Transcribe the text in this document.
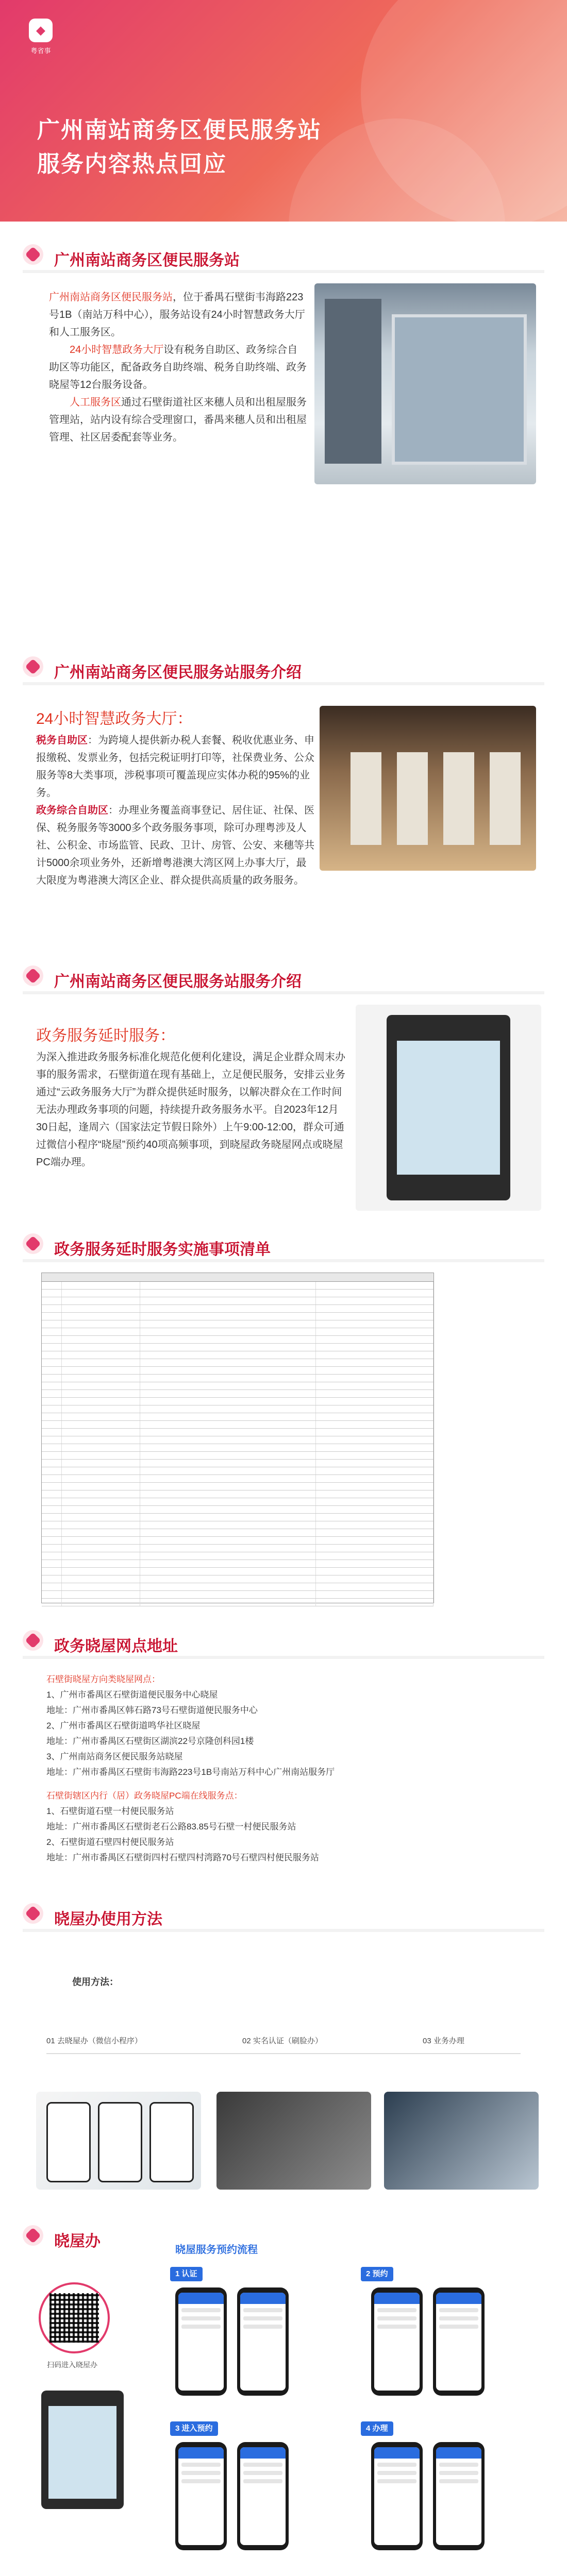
◆
粤省事
广州南站商务区便民服务站
服务内容热点回应
广州南站商务区便民服务站
广州南站商务区便民服务站，位于番禺石壁街韦海路223号1B（南站万科中心），服务站设有24小时智慧政务大厅和人工服务区。
24小时智慧政务大厅设有税务自助区、政务综合自助区等功能区，配备政务自助终端、税务自助终端、政务晓屋等12台服务设备。
人工服务区通过石壁街道社区来穗人员和出租屋服务管理站，站内设有综合受理窗口，番禺来穗人员和出租屋管理、社区居委配套等业务。
广州南站商务区便民服务站服务介绍
24小时智慧政务大厅：
税务自助区：为跨境人提供新办税人套餐、税收优惠业务、申报缴税、发票业务，包括完税证明打印等，社保费业务、公众服务等8大类事项，涉税事项可覆盖现应实体办税的95%的业务。
政务综合自助区：办理业务覆盖商事登记、居住证、社保、医保、税务服务等3000多个政务服务事项，除可办理粤涉及人社、公积金、市场监管、民政、卫计、房管、公安、来穗等共计5000余项业务外，还新增粤港澳大湾区网上办事大厅，最大限度为粤港澳大湾区企业、群众提供高质量的政务服务。
广州南站商务区便民服务站服务介绍
政务服务延时服务：
为深入推进政务服务标准化规范化便利化建设，满足企业群众周末办事的服务需求，石壁街道在现有基础上，立足便民服务，安排云业务通过“云政务服务大厅”为群众提供延时服务，以解决群众在工作时间无法办理政务事项的问题，持续提升政务服务水平。自2023年12月30日起，逢周六（国家法定节假日除外）上午9:00-12:00，群众可通过微信小程序“晓屋”预约40项高频事项，到晓屋政务晓屋网点或晓屋PC端办理。
政务服务延时服务实施事项清单
政务晓屋网点地址
石壁街晓屋方向类晓屋网点：
1、广州市番禺区石壁街道便民服务中心晓屋
地址：广州市番禺区韩石路73号石壁街道便民服务中心
2、广州市番禺区石壁街道鸣华社区晓屋
地址：广州市番禺区石壁街区湖滨22号京隆创科园1楼
3、广州南站商务区便民服务站晓屋
地址：广州市番禺区石壁街韦海路223号1B号南站万科中心广州南站服务厅
石壁街辖区内行（居）政务晓屋PC端在线服务点：
1、石壁街道石壁一村便民服务站
地址：广州市番禺区石壁街老石公路83.85号石壁一村便民服务站
2、石壁街道石壁四村便民服务站
地址：广州市番禺区石壁街四村石壁四村湾路70号石壁四村便民服务站
晓屋办使用方法
使用方法：
01 去晓屋办（微信小程序）	02 实名认证（刷脸办）	03 业务办理
晓屋办
扫码进入晓屋办
晓屋服务预约流程
1 认证	2 预约
3 进入预约	4 办理
